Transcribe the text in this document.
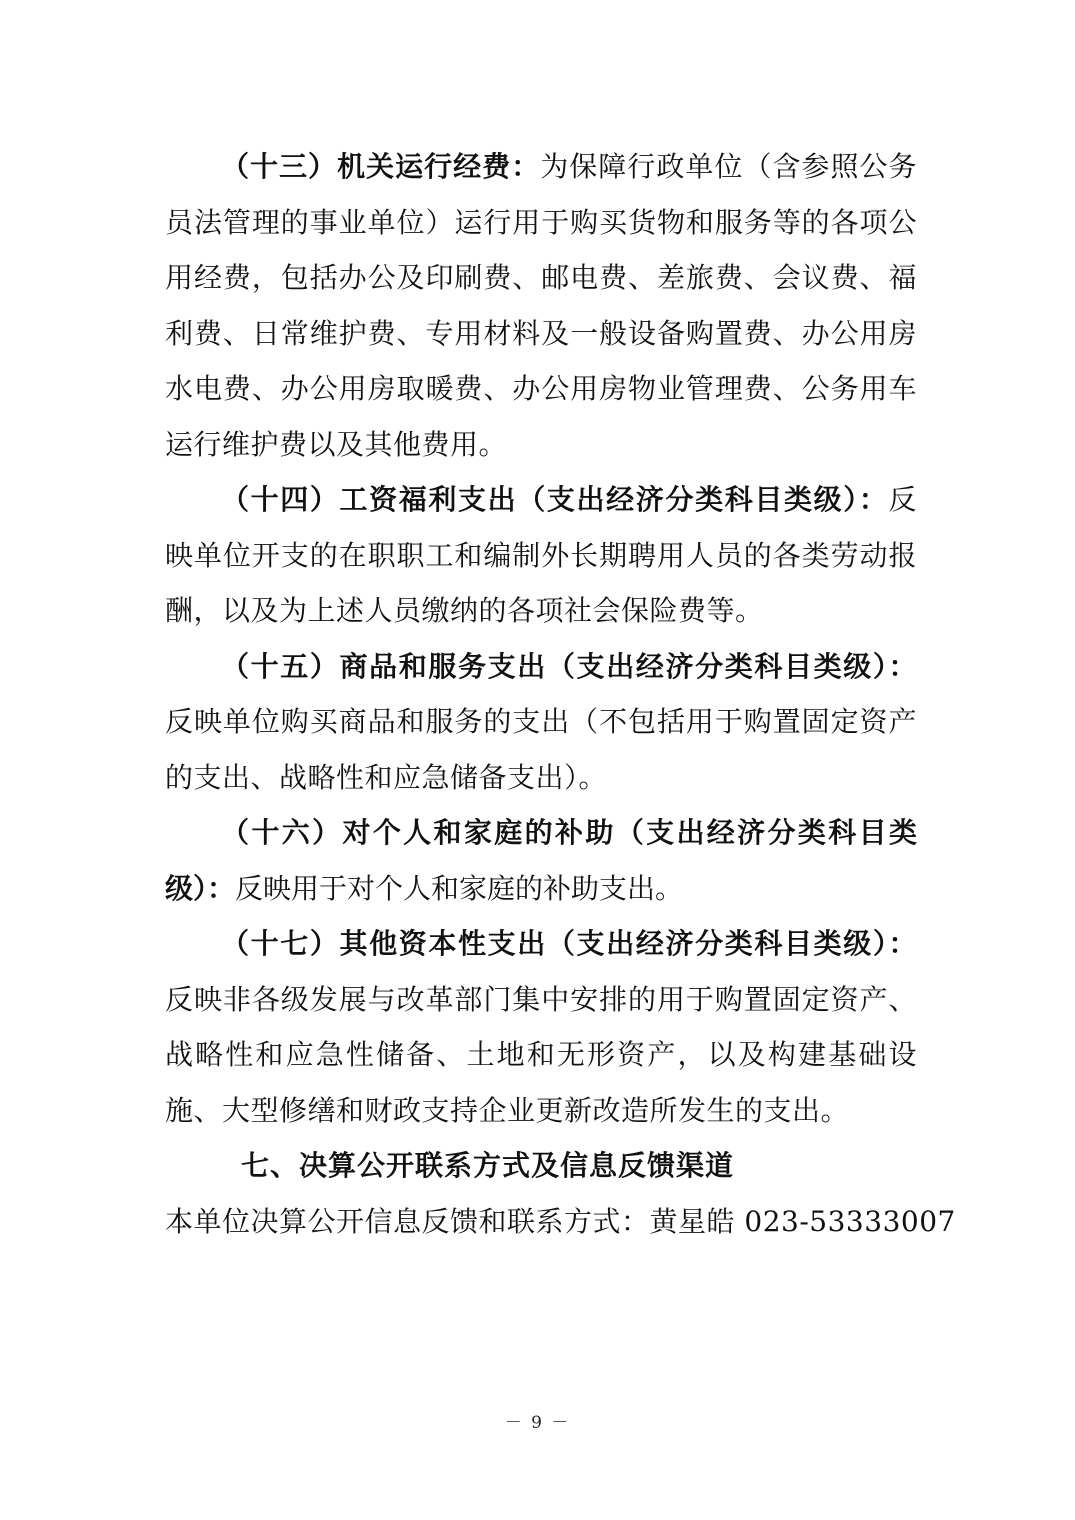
（十三）机关运行经费：为保障行政单位（含参照公务员法管理的事业单位）运行用于购买货物和服务等的各项公用经费，包括办公及印刷费、邮电费、差旅费、会议费、福利费、日常维护费、专用材料及一般设备购置费、办公用房水电费、办公用房取暖费、办公用房物业管理费、公务用车运行维护费以及其他费用。

（十四）工资福利支出（支出经济分类科目类级）：反映单位开支的在职职工和编制外长期聘用人员的各类劳动报酬，以及为上述人员缴纳的各项社会保险费等。

（十五）商品和服务支出（支出经济分类科目类级）：反映单位购买商品和服务的支出（不包括用于购置固定资产的支出、战略性和应急储备支出）。

（十六）对个人和家庭的补助（支出经济分类科目类级）：反映用于对个人和家庭的补助支出。

（十七）其他资本性支出（支出经济分类科目类级）：反映非各级发展与改革部门集中安排的用于购置固定资产、战略性和应急性储备、土地和无形资产，以及构建基础设施、大型修缮和财政支持企业更新改造所发生的支出。

七、决算公开联系方式及信息反馈渠道

本单位决算公开信息反馈和联系方式：黄星皓 023-53333007

－ 9 －
